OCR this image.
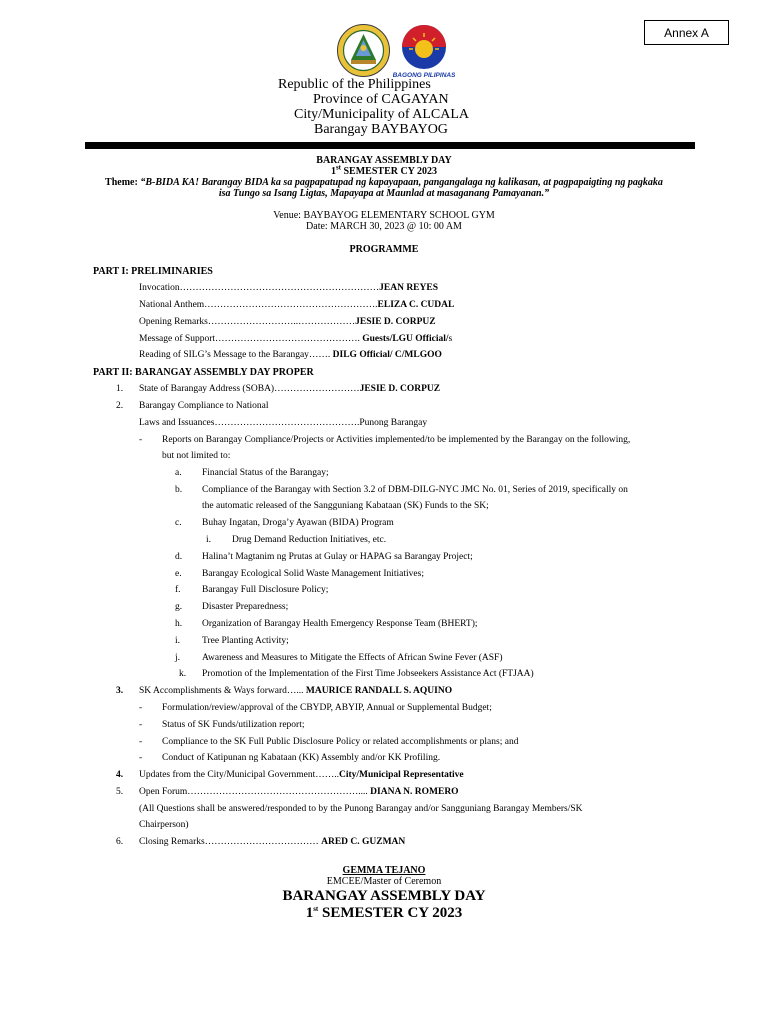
Annex A
BAGONG PILIPINAS
Republic of the Philippines
Province of CAGAYAN
City/Municipality of ALCALA
Barangay BAYBAYOG
BARANGAY ASSEMBLY DAY
1st SEMESTER CY 2023
Theme: “B-BIDA KA! Barangay BIDA ka sa pagpapatupad ng kapayapaan, pangangalaga ng kalikasan, at pagpapaigting ng pagkaka
isa Tungo sa Isang Ligtas, Mapayapa at Maunlad at masaganang Pamayanan.”
Venue: BAYBAYOG ELEMENTARY SCHOOL GYM
Date: MARCH 30, 2023 @ 10: 00 AM
PROGRAMME
PART I: PRELIMINARIES
Invocation………………………………………………………JEAN REYES
National Anthem……………………………………………….ELIZA C. CUDAL
Opening Remarks………………………..………………JESIE D. CORPUZ
Message of Support………………………………………. Guests/LGU Official/s
Reading of SILG’s Message to the Barangay……. DILG Official/ C/MLGOO
PART II: BARANGAY ASSEMBLY DAY PROPER
1. State of Barangay Address (SOBA)………………………JESIE D. CORPUZ
2. Barangay Compliance to National
Laws and Issuances……………………………………….Punong Barangay
- Reports on Barangay Compliance/Projects or Activities implemented/to be implemented by the Barangay on the following,
but not limited to:
a. Financial Status of the Barangay;
b. Compliance of the Barangay with Section 3.2 of DBM-DILG-NYC JMC No. 01, Series of 2019, specifically on
the automatic released of the Sangguniang Kabataan (SK) Funds to the SK;
c. Buhay Ingatan, Droga’y Ayawan (BIDA) Program
i. Drug Demand Reduction Initiatives, etc.
d. Halina’t Magtanim ng Prutas at Gulay or HAPAG sa Barangay Project;
e. Barangay Ecological Solid Waste Management Initiatives;
f. Barangay Full Disclosure Policy;
g. Disaster Preparedness;
h. Organization of Barangay Health Emergency Response Team (BHERT);
i. Tree Planting Activity;
j. Awareness and Measures to Mitigate the Effects of African Swine Fever (ASF)
k. Promotion of the Implementation of the First Time Jobseekers Assistance Act (FTJAA)
3. SK Accomplishments & Ways forward…... MAURICE RANDALL S. AQUINO
- Formulation/review/approval of the CBYDP, ABYIP, Annual or Supplemental Budget;
- Status of SK Funds/utilization report;
- Compliance to the SK Full Public Disclosure Policy or related accomplishments or plans; and
- Conduct of Katipunan ng Kabataan (KK) Assembly and/or KK Profiling.
4. Updates from the City/Municipal Government……..City/Municipal Representative
5. Open Forum……………………………………………….... DIANA N. ROMERO
(All Questions shall be answered/responded to by the Punong Barangay and/or Sangguniang Barangay Members/SK
Chairperson)
6. Closing Remarks……………………………… ARED C. GUZMAN
GEMMA TEJANO
EMCEE/Master of Ceremon
BARANGAY ASSEMBLY DAY
1st SEMESTER CY 2023
